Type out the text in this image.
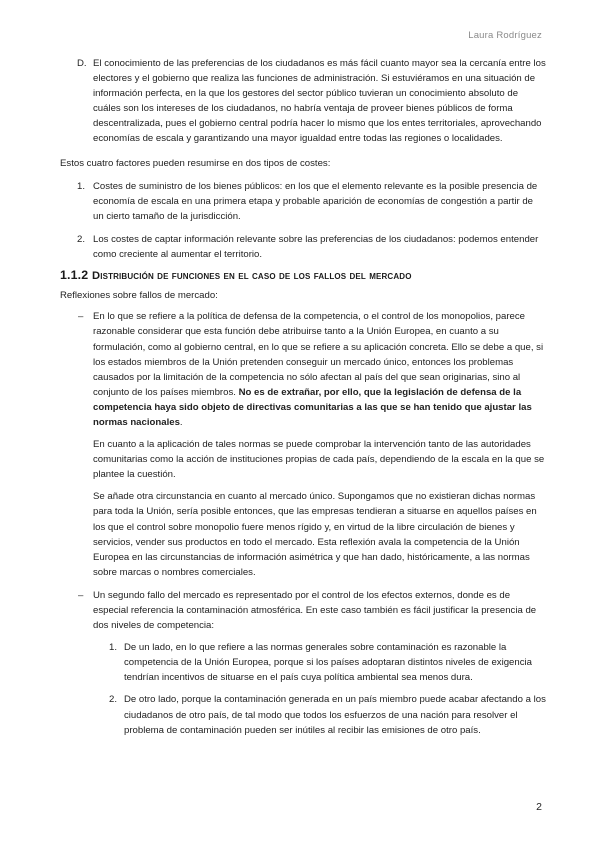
Laura Rodríguez
D. El conocimiento de las preferencias de los ciudadanos es más fácil cuanto mayor sea la cercanía entre los electores y el gobierno que realiza las funciones de administración. Si estuviéramos en una situación de información perfecta, en la que los gestores del sector público tuvieran un conocimiento absoluto de cuáles son los intereses de los ciudadanos, no habría ventaja de proveer bienes públicos de forma descentralizada, pues el gobierno central podría hacer lo mismo que los entes territoriales, aprovechando economías de escala y garantizando una mayor igualdad entre todas las regiones o localidades.

Estos cuatro factores pueden resumirse en dos tipos de costes:

1. Costes de suministro de los bienes públicos: en los que el elemento relevante es la posible presencia de economía de escala en una primera etapa y probable aparición de economías de congestión a partir de un cierto tamaño de la jurisdicción.

2. Los costes de captar información relevante sobre las preferencias de los ciudadanos: podemos entender como creciente al aumentar el territorio.

1.1.2 Distribución de funciones en el caso de los fallos del mercado

Reflexiones sobre fallos de mercado:

– En lo que se refiere a la política de defensa de la competencia, o el control de los monopolios, parece razonable considerar que esta función debe atribuirse tanto a la Unión Europea, en cuanto a su formulación, como al gobierno central, en lo que se refiere a su aplicación concreta. Ello se debe a que, si los estados miembros de la Unión pretenden conseguir un mercado único, entonces los problemas causados por la limitación de la competencia no sólo afectan al país del que sean originarias, sino al conjunto de los países miembros. No es de extrañar, por ello, que la legislación de defensa de la competencia haya sido objeto de directivas comunitarias a las que se han tenido que ajustar las normas nacionales.

En cuanto a la aplicación de tales normas se puede comprobar la intervención tanto de las autoridades comunitarias como la acción de instituciones propias de cada país, dependiendo de la escala en la que se plantee la cuestión.

Se añade otra circunstancia en cuanto al mercado único. Supongamos que no existieran dichas normas para toda la Unión, sería posible entonces, que las empresas tendieran a situarse en aquellos países en los que el control sobre monopolio fuere menos rígido y, en virtud de la libre circulación de bienes y servicios, vender sus productos en todo el mercado. Esta reflexión avala la competencia de la Unión Europea en las circunstancias de información asimétrica y que han dado, históricamente, a las normas sobre marcas o nombres comerciales.

– Un segundo fallo del mercado es representado por el control de los efectos externos, donde es de especial referencia la contaminación atmosférica. En este caso también es fácil justificar la presencia de dos niveles de competencia:

1. De un lado, en lo que refiere a las normas generales sobre contaminación es razonable la competencia de la Unión Europea, porque si los países adoptaran distintos niveles de exigencia tendrían incentivos de situarse en el país cuya política ambiental sea menos dura.

2. De otro lado, porque la contaminación generada en un país miembro puede acabar afectando a los ciudadanos de otro país, de tal modo que todos los esfuerzos de una nación para resolver el problema de contaminación pueden ser inútiles al recibir las emisiones de otro país.

2
